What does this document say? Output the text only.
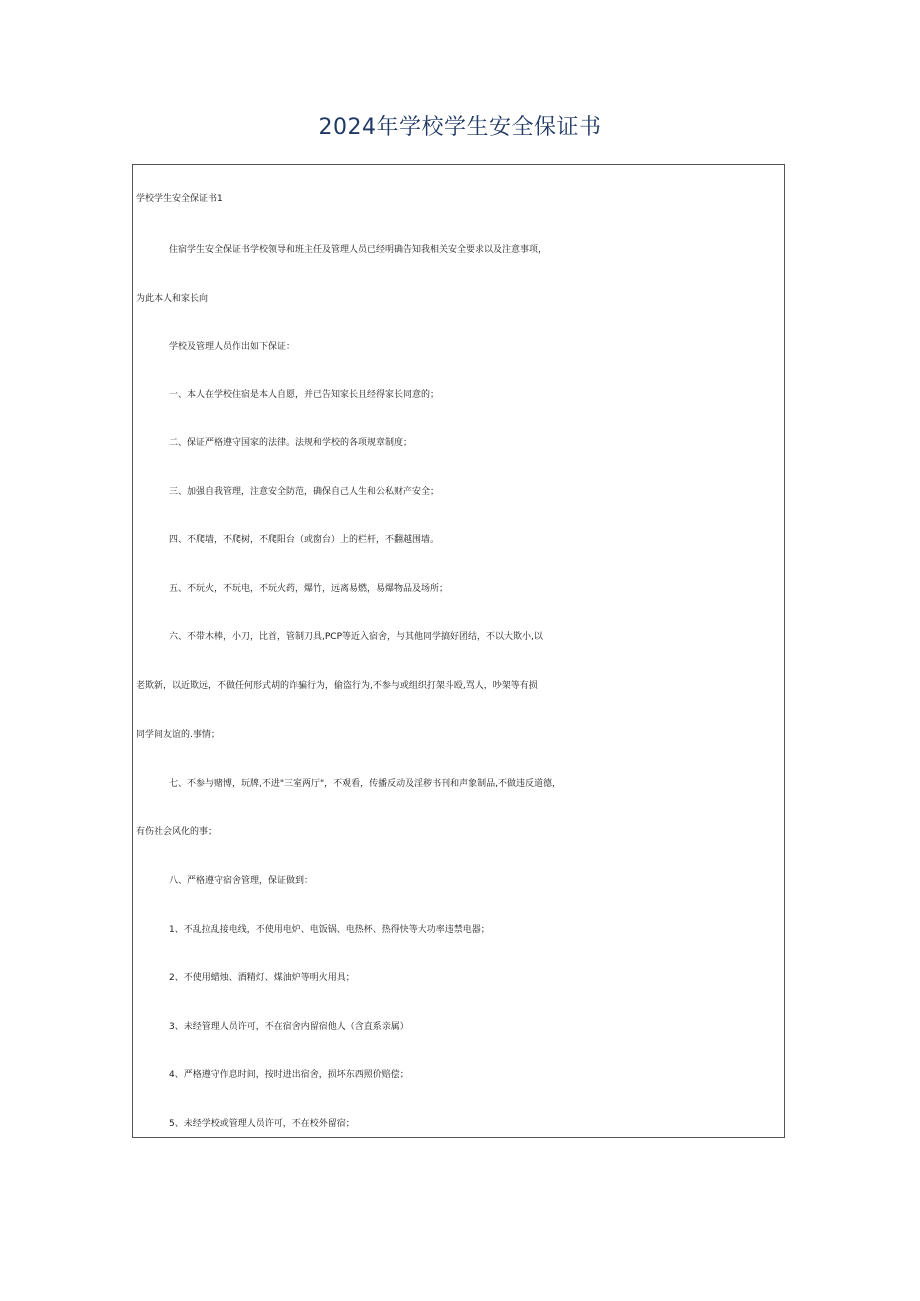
2024年学校学生安全保证书
学校学生安全保证书1
住宿学生安全保证书学校领导和班主任及管理人员已经明确告知我相关安全要求以及注意事项，
为此本人和家长向
学校及管理人员作出如下保证：
一、本人在学校住宿是本人自愿，并已告知家长且经得家长同意的；
二、保证严格遵守国家的法律。法规和学校的各项规章制度；
三、加强自我管理，注意安全防范，确保自己人生和公私财产安全；
四、不爬墙，不爬树，不爬阳台（或窗台）上的栏杆，不翻越围墙。
五、不玩火，不玩电，不玩火药，爆竹，远离易燃，易爆物品及场所；
六、不带木棒，小刀，比首，管制刀具,PCP等近入宿舍，与其他同学搞好团结，不以大欺小,以
老欺新，以近欺远，不做任何形式胡的诈骗行为，偷盗行为,不参与或组织打架斗殴,骂人，吵架等有损
同学间友谊的.事情；
七、不参与赌博，玩牌,不进"三室两厅"，不观看，传播反动及淫秽书刊和声象制品,不做违反道德，
有伤社会风化的事；
八、严格遵守宿舍管理，保证做到：
1、不乱拉乱接电线，不使用电炉、电饭锅、电热杯、热得快等大功率违禁电器；
2、不使用蜡烛、酒精灯、煤油炉等明火用具；
3、未经管理人员许可，不在宿舍内留宿他人（含直系亲属）
4、严格遵守作息时间，按时进出宿舍，损坏东西照价赔偿；
5、未经学校或管理人员许可，不在校外留宿；
